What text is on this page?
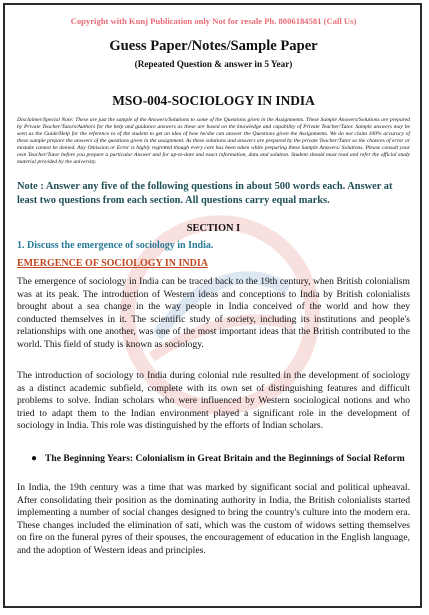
Copyright with Kunj Publication only Not for resale Ph. 8006184581 (Call Us)
Guess Paper/Notes/Sample Paper
(Repeated Question & answer in 5 Year)
MSO-004-SOCIOLOGY IN INDIA

Disclaimer/Special Note: These are just the sample of the Answers/Solutions to some of the Questions given in the Assignments. These Sample Answers/Solutions are prepared by Private Teacher/Tutors/Authors for the help and guidance answers as these are based on the knowledge and capability of Private Teacher/Tutor. Sample answers may be seen as the Guide/Help for the reference to of the student to get an idea of how he/she can answer the Questions given the Assignments. We do not claim 100% accuracy of these sample prepare the answers of the questions given in the assignment. As these solutions and answers are prepared by the private Teacher/Tutor so the chances of error or mistake cannot be denied. Any Omission or Error is highly regretted though every care has been taken while preparing these Sample Answers/ Solutions. Please consult your own Teacher/Tutor before you prepare a particular Answer and for up-to-date and exact information, data and solution. Student should must read and refer the official study material provided by the university.

Note : Answer any five of the following questions in about 500 words each. Answer at least two questions from each section. All questions carry equal marks.

SECTION I

1. Discuss the emergence of sociology in India.

EMERGENCE OF SOCIOLOGY IN INDIA

The emergence of sociology in India can be traced back to the 19th century, when British colonialism was at its peak. The introduction of Western ideas and conceptions to India by British colonialists brought about a sea change in the way people in India conceived of the world and how they conducted themselves in it. The scientific study of society, including its institutions and people's relationships with one another, was one of the most important ideas that the British contributed to the world. This field of study is known as sociology.

The introduction of sociology to India during colonial rule resulted in the development of sociology as a distinct academic subfield, complete with its own set of distinguishing features and difficult problems to solve. Indian scholars who were influenced by Western sociological notions and who tried to adapt them to the Indian environment played a significant role in the development of sociology in India. This role was distinguished by the efforts of Indian scholars.

● The Beginning Years: Colonialism in Great Britain and the Beginnings of Social Reform

In India, the 19th century was a time that was marked by significant social and political upheaval. After consolidating their position as the dominating authority in India, the British colonialists started implementing a number of social changes designed to bring the country's culture into the modern era. These changes included the elimination of sati, which was the custom of widows setting themselves on fire on the funeral pyres of their spouses, the encouragement of education in the English language, and the adoption of Western ideas and principles.
